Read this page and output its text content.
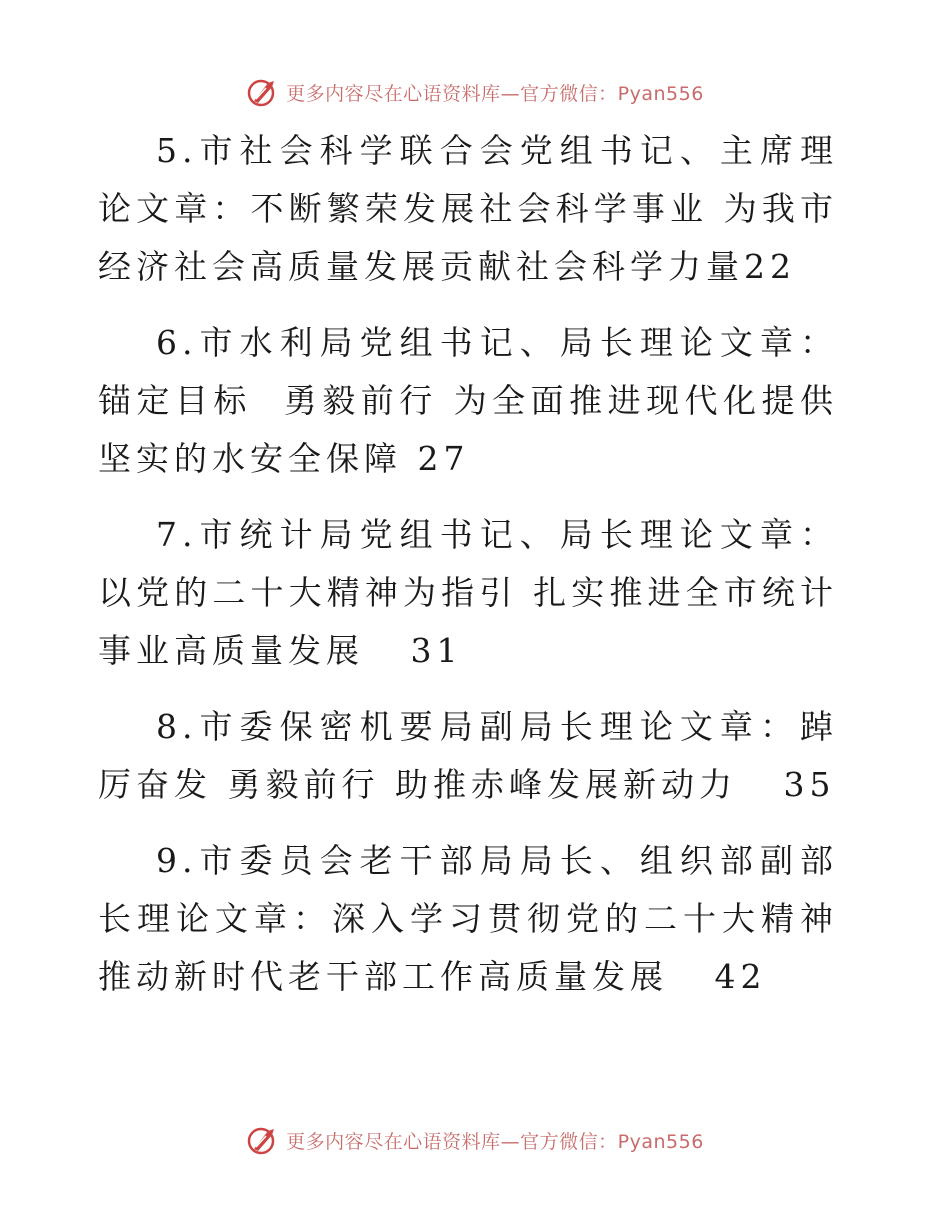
更多内容尽在心语资料库—官方微信：Pyan556

5.市社会科学联合会党组书记、主席理论文章：不断繁荣发展社会科学事业 为我市经济社会高质量发展贡献社会科学力量22

6.市水利局党组书记、局长理论文章：锚定目标  勇毅前行 为全面推进现代化提供坚实的水安全保障 27

7.市统计局党组书记、局长理论文章：以党的二十大精神为指引 扎实推进全市统计事业高质量发展   31

8.市委保密机要局副局长理论文章：踔厉奋发 勇毅前行 助推赤峰发展新动力   35

9.市委员会老干部局局长、组织部副部长理论文章：深入学习贯彻党的二十大精神 推动新时代老干部工作高质量发展   42

更多内容尽在心语资料库—官方微信：Pyan556
